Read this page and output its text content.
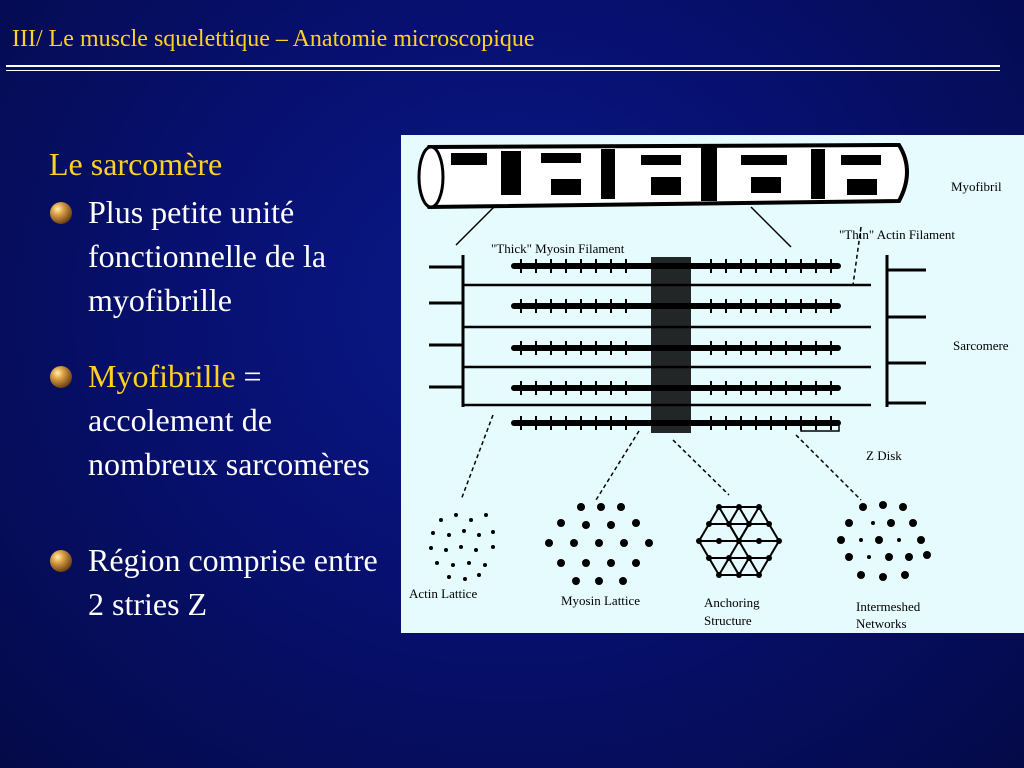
III/ Le muscle squelettique – Anatomie microscopique
Le sarcomère

Plus petite unité fonctionnelle de la myofibrille

Myofibrille = accolement de nombreux sarcomères

Région comprise entre 2 stries Z

Myofibril
"Thick" Myosin Filament
"Thin" Actin Filament
Sarcomere
Z Disk
Actin Lattice	Myosin Lattice	Anchoring
Structure
Intermeshed
Networks
